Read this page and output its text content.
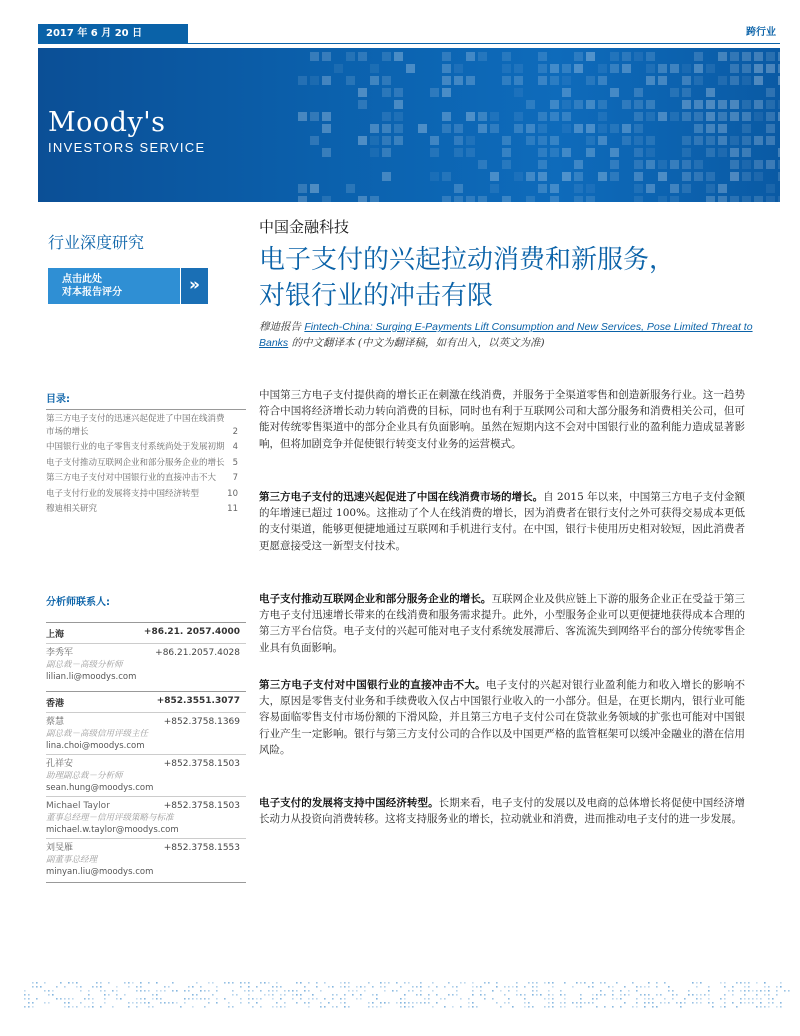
2017 年 6 月 20 日	跨行业
Moody's
INVESTORS SERVICE
行业深度研究
点击此处
对本报告评分	»
目录:
第三方电子支付的迅速兴起促进了中国在线消费市场的增长	2
中国银行业的电子零售支付系统尚处于发展初期 4
电子支付推动互联网企业和部分服务企业的增长 5
第三方电子支付对中国银行业的直接冲击不大 7
电子支付行业的发展将支持中国经济转型	10
穆迪相关研究	11
分析师联系人:
上海	+86.21. 2057.4000
李秀军	+86.21.2057.4028
副总裁－高级分析师
lilian.li@moodys.com
香港	+852.3551.3077
蔡慧	+852.3758.1369
副总裁－高级信用评级主任
lina.choi@moodys.com
孔祥安	+852.3758.1503
助理副总裁－分析师
sean.hung@moodys.com
Michael Taylor	+852.3758.1503
董事总经理－信用评级策略与标准
michael.w.taylor@moodys.com
刘旻雁	+852.3758.1553
副董事总经理
minyan.liu@moodys.com
中国金融科技
电子支付的兴起拉动消费和新服务，
对银行业的冲击有限
穆迪报告 Fintech-China: Surging E-Payments Lift Consumption and New Services, Pose Limited Threat to Banks 的中文翻译本 (中文为翻译稿，如有出入，以英文为准)
中国第三方电子支付提供商的增长正在刺激在线消费，并服务于全渠道零售和创造新服务行业。这一趋势符合中国将经济增长动力转向消费的目标，同时也有利于互联网公司和大部分服务和消费相关公司，但可能对传统零售渠道中的部分企业具有负面影响。虽然在短期内这不会对中国银行业的盈利能力造成显著影响，但将加剧竞争并促使银行转变支付业务的运营模式。
第三方电子支付的迅速兴起促进了中国在线消费市场的增长。自 2015 年以来，中国第三方电子支付金额的年增速已超过 100%。这推动了个人在线消费的增长，因为消费者在银行支付之外可获得交易成本更低的支付渠道，能够更便捷地通过互联网和手机进行支付。在中国，银行卡使用历史相对较短，因此消费者更愿意接受这一新型支付技术。
电子支付推动互联网企业和部分服务企业的增长。互联网企业及供应链上下游的服务企业正在受益于第三方电子支付迅速增长带来的在线消费和服务需求提升。此外，小型服务企业可以更便捷地获得成本合理的第三方平台信贷。电子支付的兴起可能对电子支付系统发展滞后、客流流失到网络平台的部分传统零售企业具有负面影响。
第三方电子支付对中国银行业的直接冲击不大。电子支付的兴起对银行业盈利能力和收入增长的影响不大，原因是零售支付业务和手续费收入仅占中国银行业收入的一小部分。但是，在更长期内，银行业可能容易面临零售支付市场份额的下滑风险，并且第三方电子支付公司在贷款业务领域的扩张也可能对中国银行业产生一定影响。银行与第三方支付公司的合作以及中国更严格的监管框架可以缓冲金融业的潜在信用风险。
电子支付的发展将支持中国经济转型。长期来看，电子支付的发展以及电商的总体增长将促使中国经济增长动力从投资向消费转移。这将支持服务业的增长，拉动就业和消费，进而推动电子支付的进一步发展。
